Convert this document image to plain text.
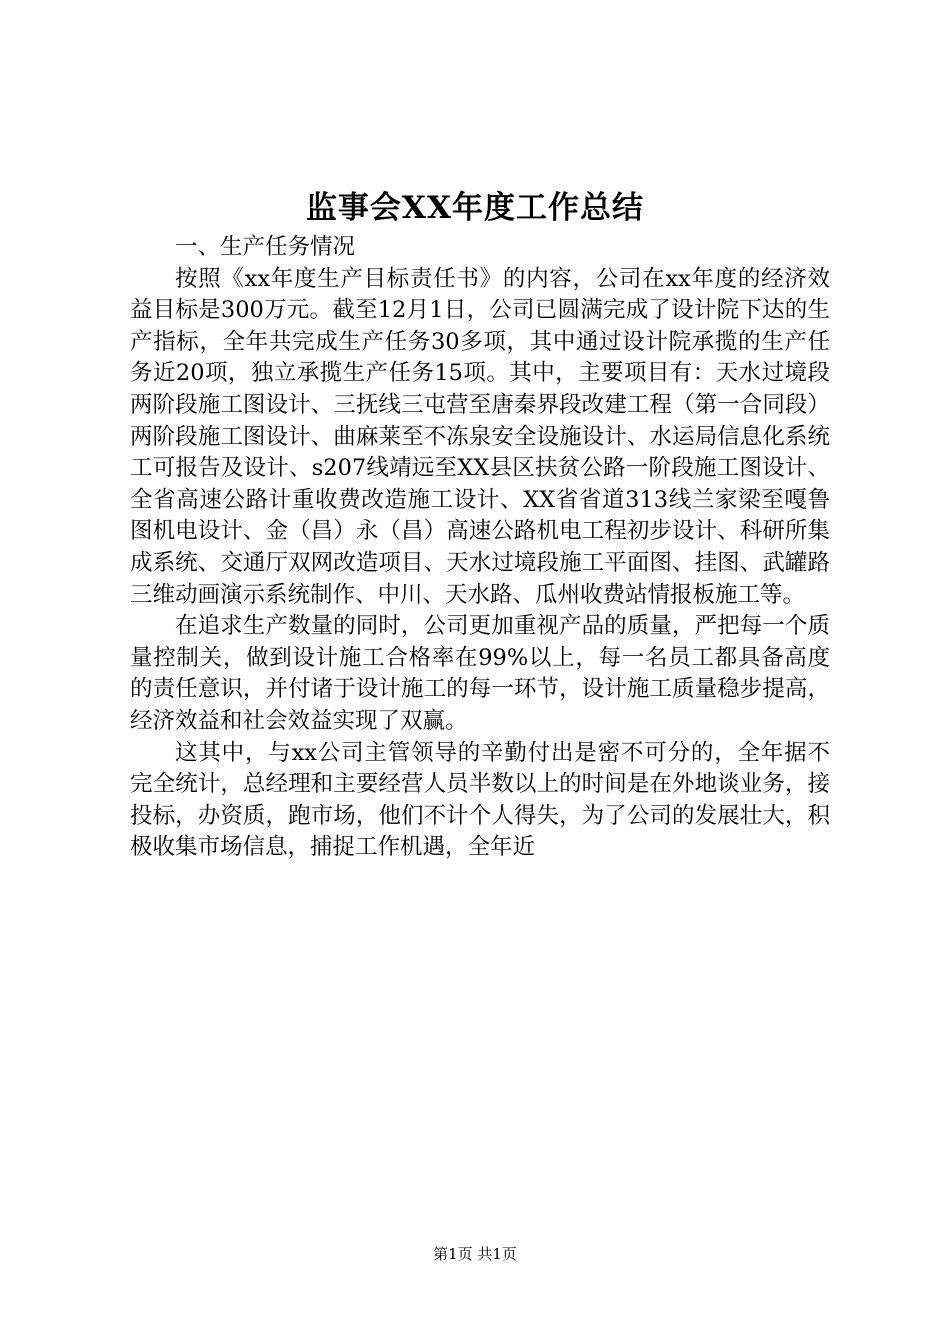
监事会XX年度工作总结

一、生产任务情况

按照《xx年度生产目标责任书》的内容，公司在xx年度的经济效益目标是300万元。截至12月1日，公司已圆满完成了设计院下达的生产指标，全年共完成生产任务30多项，其中通过设计院承揽的生产任务近20项，独立承揽生产任务15项。其中，主要项目有：天水过境段两阶段施工图设计、三抚线三屯营至唐秦界段改建工程（第一合同段）两阶段施工图设计、曲麻莱至不冻泉安全设施设计、水运局信息化系统工可报告及设计、s207线靖远至XX县区扶贫公路一阶段施工图设计、全省高速公路计重收费改造施工设计、XX省省道313线兰家梁至嘎鲁图机电设计、金（昌）永（昌）高速公路机电工程初步设计、科研所集成系统、交通厅双网改造项目、天水过境段施工平面图、挂图、武罐路三维动画演示系统制作、中川、天水路、瓜州收费站情报板施工等。

在追求生产数量的同时，公司更加重视产品的质量，严把每一个质量控制关，做到设计施工合格率在99%以上，每一名员工都具备高度的责任意识，并付诸于设计施工的每一环节，设计施工质量稳步提高，经济效益和社会效益实现了双赢。

这其中，与xx公司主管领导的辛勤付出是密不可分的，全年据不完全统计，总经理和主要经营人员半数以上的时间是在外地谈业务，接投标，办资质，跑市场，他们不计个人得失，为了公司的发展壮大，积极收集市场信息，捕捉工作机遇，全年近

第1页 共1页
